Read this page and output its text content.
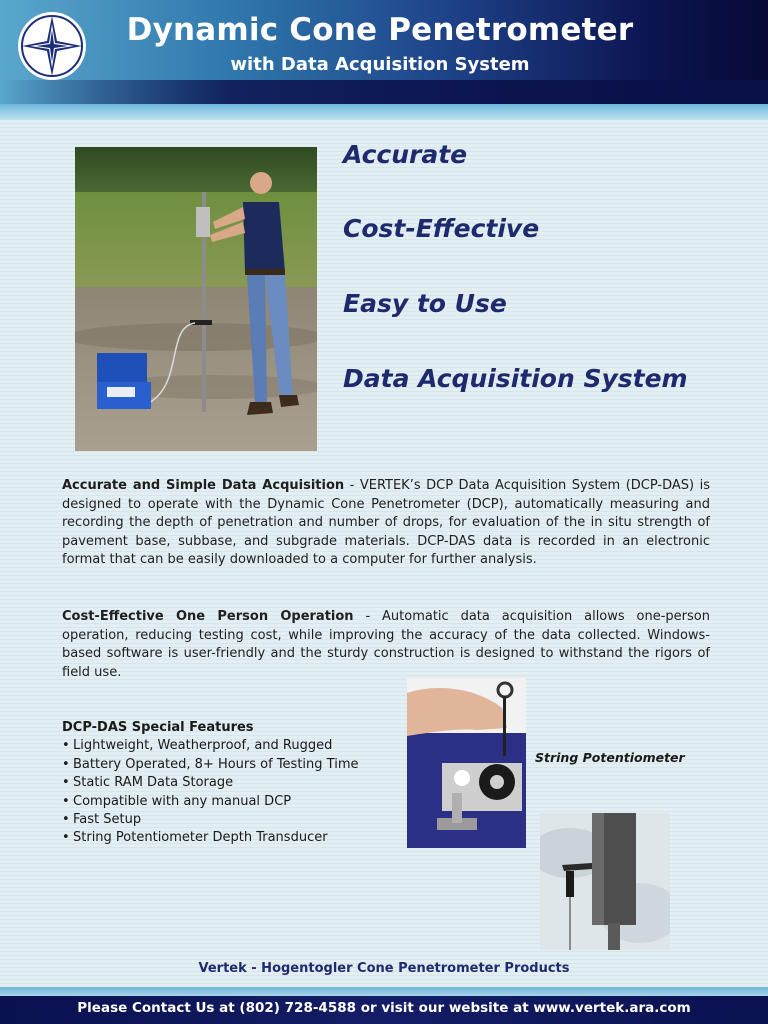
Dynamic Cone Penetrometer
with Data Acquisition System
Accurate
Cost-Effective
Easy to Use
Data Acquisition System
Accurate and Simple Data Acquisition - VERTEK’s DCP Data Acquisition System (DCP-DAS) is designed to operate with the Dynamic Cone Penetrometer (DCP), automatically measuring and recording the depth of penetration and number of drops, for evaluation of the in situ strength of pavement base, subbase, and subgrade materials. DCP-DAS data is recorded in an electronic format that can be easily downloaded to a computer for further analysis.
Cost-Effective One Person Operation - Automatic data acquisition allows one-person operation, reducing testing cost, while improving the accuracy of the data collected. Windows-based software is user-friendly and the sturdy construction is designed to withstand the rigors of field use.
DCP-DAS Special Features
• Lightweight, Weatherproof, and Rugged
• Battery Operated, 8+ Hours of Testing Time
• Static RAM Data Storage
• Compatible with any manual DCP
• Fast Setup
• String Potentiometer Depth Transducer
String Potentiometer
Vertek - Hogentogler Cone Penetrometer Products
Please Contact Us at (802) 728-4588 or visit our website at www.vertek.ara.com
